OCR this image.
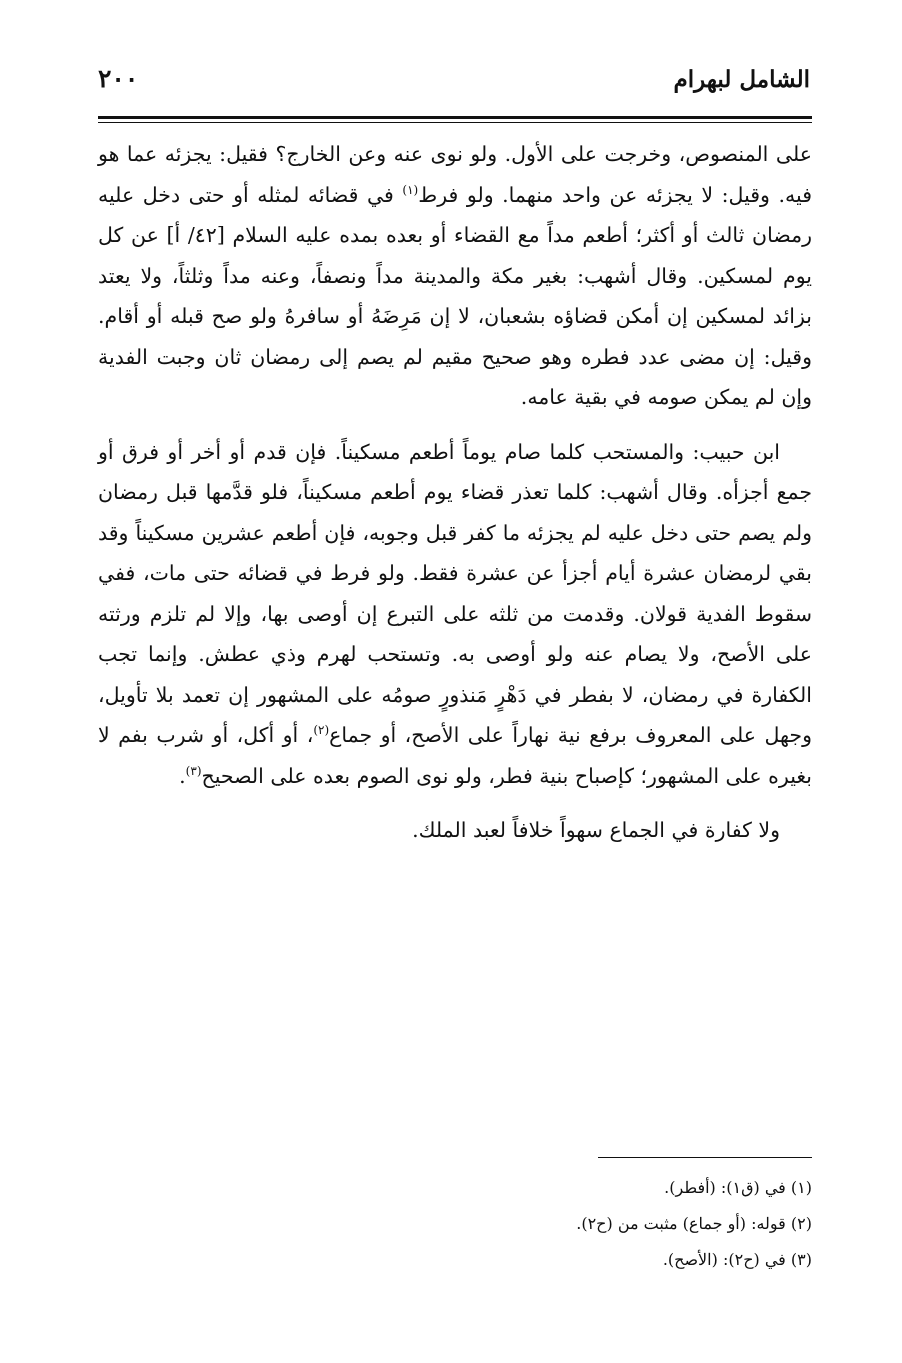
الشامل لبهرام
٢٠٠

على المنصوص، وخرجت على الأول. ولو نوى عنه وعن الخارج؟ فقيل: يجزئه عما هو فيه. وقيل: لا يجزئه عن واحد منهما. ولو فرط$^{(١)}$ في قضائه لمثله أو حتى دخل عليه رمضان ثالث أو أكثر؛ أطعم مداً مع القضاء أو بعده بمده عليه السلام [٤٢/ أ] عن كل يوم لمسكين. وقال أشهب: بغير مكة والمدينة مداً ونصفاً، وعنه مداً وثلثاً، ولا يعتد بزائد لمسكين إن أمكن قضاؤه بشعبان، لا إن مَرِضَهُ أو سافرهُ ولو صح قبله أو أقام. وقيل: إن مضى عدد فطره وهو صحيح مقيم لم يصم إلى رمضان ثان وجبت الفدية وإن لم يمكن صومه في بقية عامه.

ابن حبيب: والمستحب كلما صام يوماً أطعم مسكيناً. فإن قدم أو أخر أو فرق أو جمع أجزأه. وقال أشهب: كلما تعذر قضاء يوم أطعم مسكيناً، فلو قدَّمها قبل رمضان ولم يصم حتى دخل عليه لم يجزئه ما كفر قبل وجوبه، فإن أطعم عشرين مسكيناً وقد بقي لرمضان عشرة أيام أجزأ عن عشرة فقط. ولو فرط في قضائه حتى مات، ففي سقوط الفدية قولان. وقدمت من ثلثه على التبرع إن أوصى بها، وإلا لم تلزم ورثته على الأصح، ولا يصام عنه ولو أوصى به. وتستحب لهرم وذي عطش. وإنما تجب الكفارة في رمضان، لا بفطر في دَهْرٍ مَنذورٍ صومُه على المشهور إن تعمد بلا تأويل، وجهل على المعروف برفع نية نهاراً على الأصح، أو جماع$^{(٢)}$، أو أكل، أو شرب بفم لا بغيره على المشهور؛ كإصباح بنية فطر، ولو نوى الصوم بعده على الصحيح$^{(٣)}$.

ولا كفارة في الجماع سهواً خلافاً لعبد الملك.

(١) في (ق١): (أفطر).
(٢) قوله: (أو جماع) مثبت من (ح٢).
(٣) في (ح٢): (الأصح).
